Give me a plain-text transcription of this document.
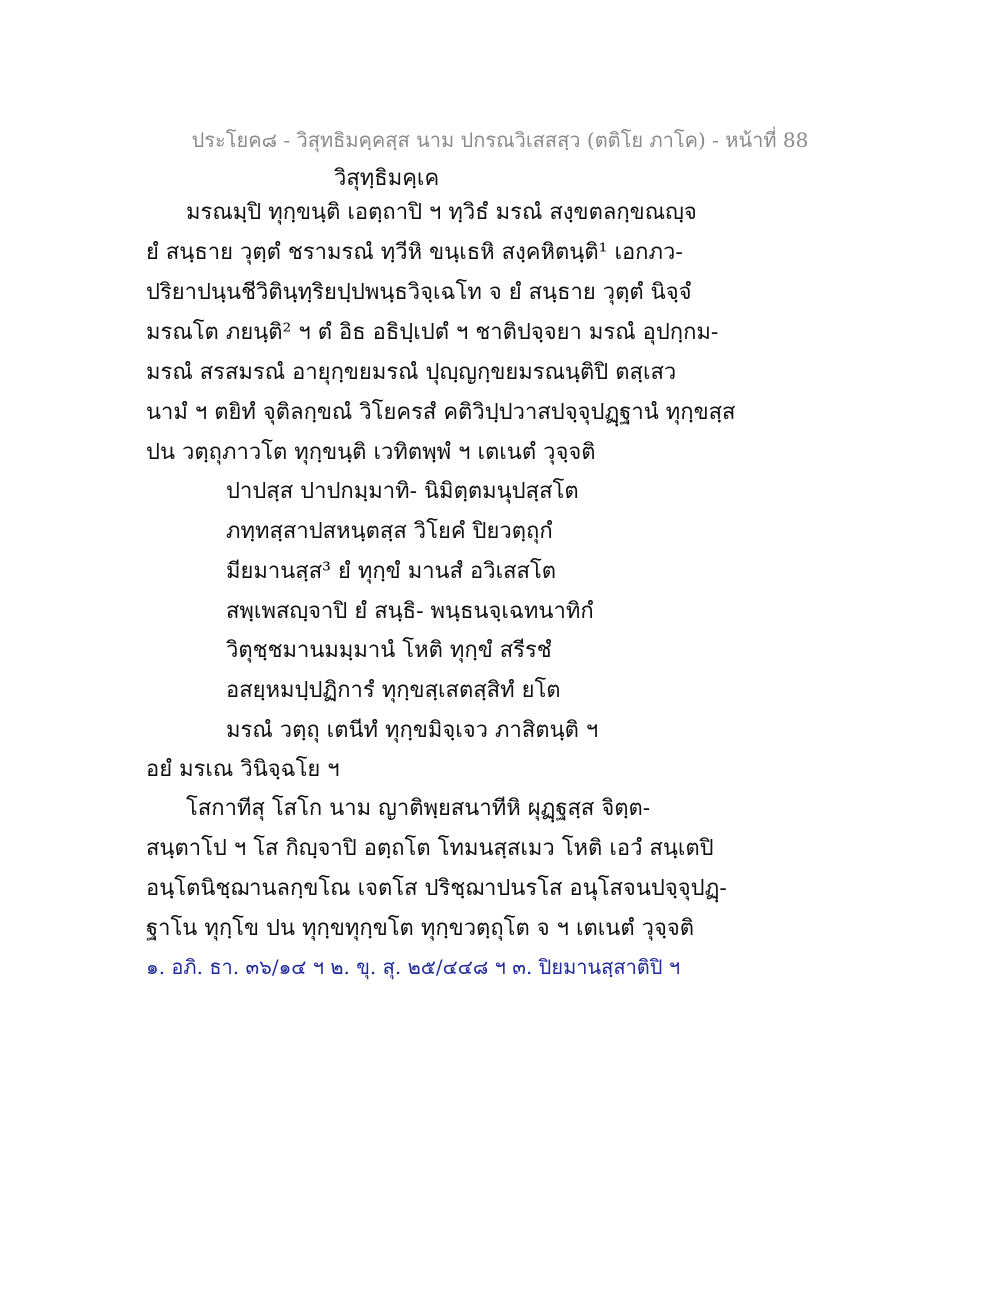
ประโยค๘ - วิสุทธิมคฺคสฺส นาม ปกรณวิเสสสฺว (ตติโย ภาโค) - หน้าที่ 88
วิสุทฺธิมคฺเค
มรณมฺปิ ทุกฺขนฺติ เอตฺถาปิ ฯ ทฺวิธํ มรณํ สงฺขตลกฺขณญฺจ
ยํ สนฺธาย วุตฺตํ ชรามรณํ ทฺวีหิ ขนฺเธหิ สงฺคหิตนฺติ¹ เอกภว-
ปริยาปนฺนชีวิตินฺทฺริยปฺปพนฺธวิจฺเฉโท จ ยํ สนฺธาย วุตฺตํ นิจฺจํ
มรณโต ภยนฺติ² ฯ ตํ อิธ อธิปฺเปตํ ฯ ชาติปจฺจยา มรณํ อุปกฺกม-
มรณํ สรสมรณํ อายุกฺขยมรณํ ปุญฺญกฺขยมรณนฺติปิ ตสฺเสว
นามํ ฯ ตยิทํ จุติลกฺขณํ วิโยครสํ คติวิปฺปวาสปจฺจุปฏฺฐานํ ทุกฺขสฺส
ปน วตฺถุภาวโต ทุกฺขนฺติ เวทิตพฺพํ ฯ เตเนตํ วุจฺจติ
ปาปสฺส ปาปกมฺมาทิ- นิมิตฺตมนุปสฺสโต
ภทฺทสฺสาปสหนฺตสฺส วิโยคํ ปิยวตฺถุกํ
มียมานสฺส³ ยํ ทุกฺขํ มานสํ อวิเสสโต
สพฺเพสญฺจาปิ ยํ สนฺธิ- พนฺธนจฺเฉทนาทิกํ
วิตุชฺชมานมมฺมานํ โหติ ทุกฺขํ สรีรชํ
อสยฺหมปฺปฏิการํ ทุกฺขสฺเสตสฺสิทํ ยโต
มรณํ วตฺถุ เตนีทํ ทุกฺขมิจฺเจว ภาสิตนฺติ ฯ
อยํ มรเณ วินิจฺฉโย ฯ
โสกาทีสุ โสโก นาม ญาติพฺยสนาทีหิ ผุฏฺฐสฺส จิตฺต-
สนฺตาโป ฯ โส กิญฺจาปิ อตฺถโต โทมนสฺสเมว โหติ เอวํ สนฺเตปิ
อนฺโตนิชฺฌานลกฺขโณ เจตโส ปริชฺฌาปนรโส อนุโสจนปจฺจุปฏฺ-
ฐาโน ทุกฺโข ปน ทุกฺขทุกฺขโต ทุกฺขวตฺถุโต จ ฯ เตเนตํ วุจฺจติ
๑. อภิ. ธา. ๓๖/๑๔ ฯ ๒. ขุ. สุ. ๒๕/๔๔๘ ฯ ๓. ปิยมานสฺสาติปิ ฯ
